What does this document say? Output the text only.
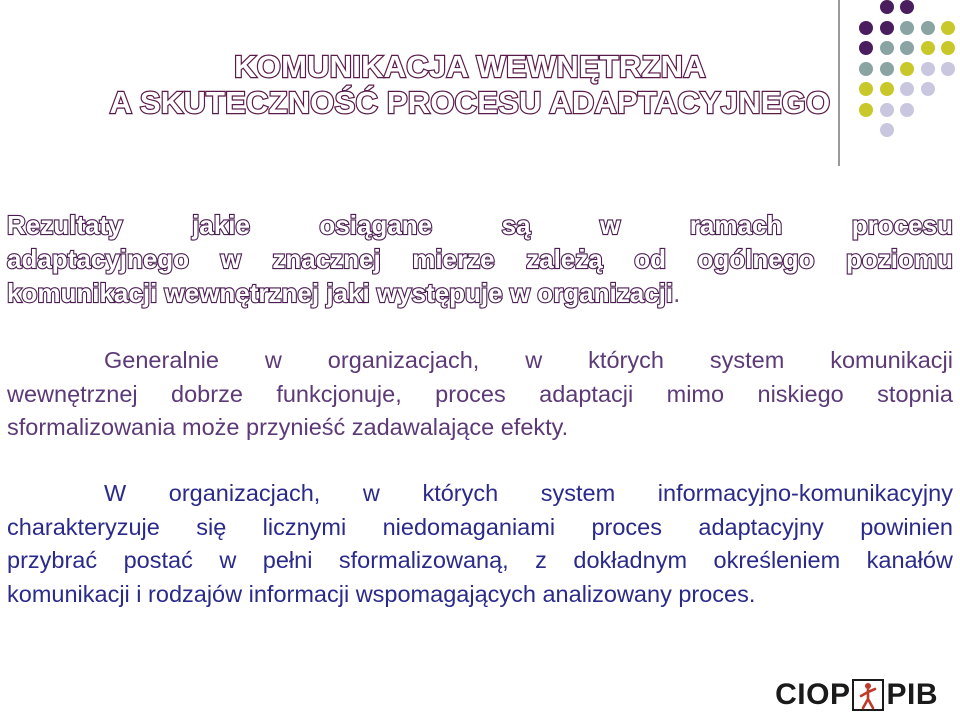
KOMUNIKACJA WEWNĘTRZNA
A SKUTECZNOŚĆ PROCESU ADAPTACYJNEGO
Rezultaty	jakie	osiągane	są	w	ramach	procesu
adaptacyjnego w znacznej mierze zależą od ogólnego poziomu
komunikacji wewnętrznej jaki występuje w organizacji.
Generalnie w organizacjach, w których system komunikacji
wewnętrznej dobrze funkcjonuje, proces adaptacji mimo niskiego stopnia
sformalizowania może przynieść zadawalające efekty.
W organizacjach, w których system informacyjno-komunikacyjny
charakteryzuje się licznymi niedomaganiami proces adaptacyjny powinien
przybrać postać w pełni sformalizowaną, z dokładnym określeniem kanałów
komunikacji i rodzajów informacji wspomagających analizowany proces.
CIOP PIB
